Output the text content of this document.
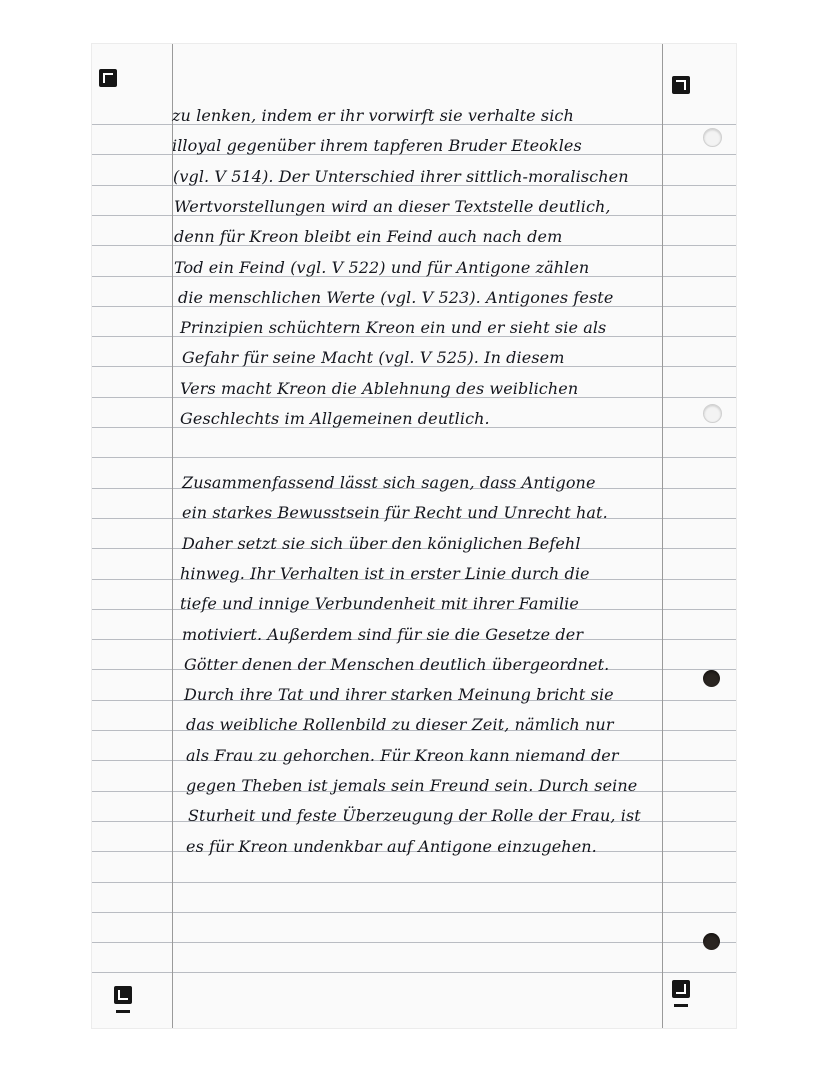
zu lenken, indem er ihr vorwirft sie verhalte sich
illoyal gegenüber ihrem tapferen Bruder Eteokles
(vgl. V 514). Der Unterschied ihrer sittlich-moralischen
Wertvorstellungen wird an dieser Textstelle deutlich,
denn für Kreon bleibt ein Feind auch nach dem
Tod ein Feind (vgl. V 522) und für Antigone zählen
die menschlichen Werte (vgl. V 523). Antigones feste
Prinzipien schüchtern Kreon ein und er sieht sie als
Gefahr für seine Macht (vgl. V 525). In diesem
Vers macht Kreon die Ablehnung des weiblichen
Geschlechts im Allgemeinen deutlich.
Zusammenfassend lässt sich sagen, dass Antigone
ein starkes Bewusstsein für Recht und Unrecht hat.
Daher setzt sie sich über den königlichen Befehl
hinweg. Ihr Verhalten ist in erster Linie durch die
tiefe und innige Verbundenheit mit ihrer Familie
motiviert. Außerdem sind für sie die Gesetze der
Götter denen der Menschen deutlich übergeordnet.
Durch ihre Tat und ihrer starken Meinung bricht sie
das weibliche Rollenbild zu dieser Zeit, nämlich nur
als Frau zu gehorchen. Für Kreon kann niemand der
gegen Theben ist jemals sein Freund sein. Durch seine
Sturheit und feste Überzeugung der Rolle der Frau, ist
es für Kreon undenkbar auf Antigone einzugehen.
